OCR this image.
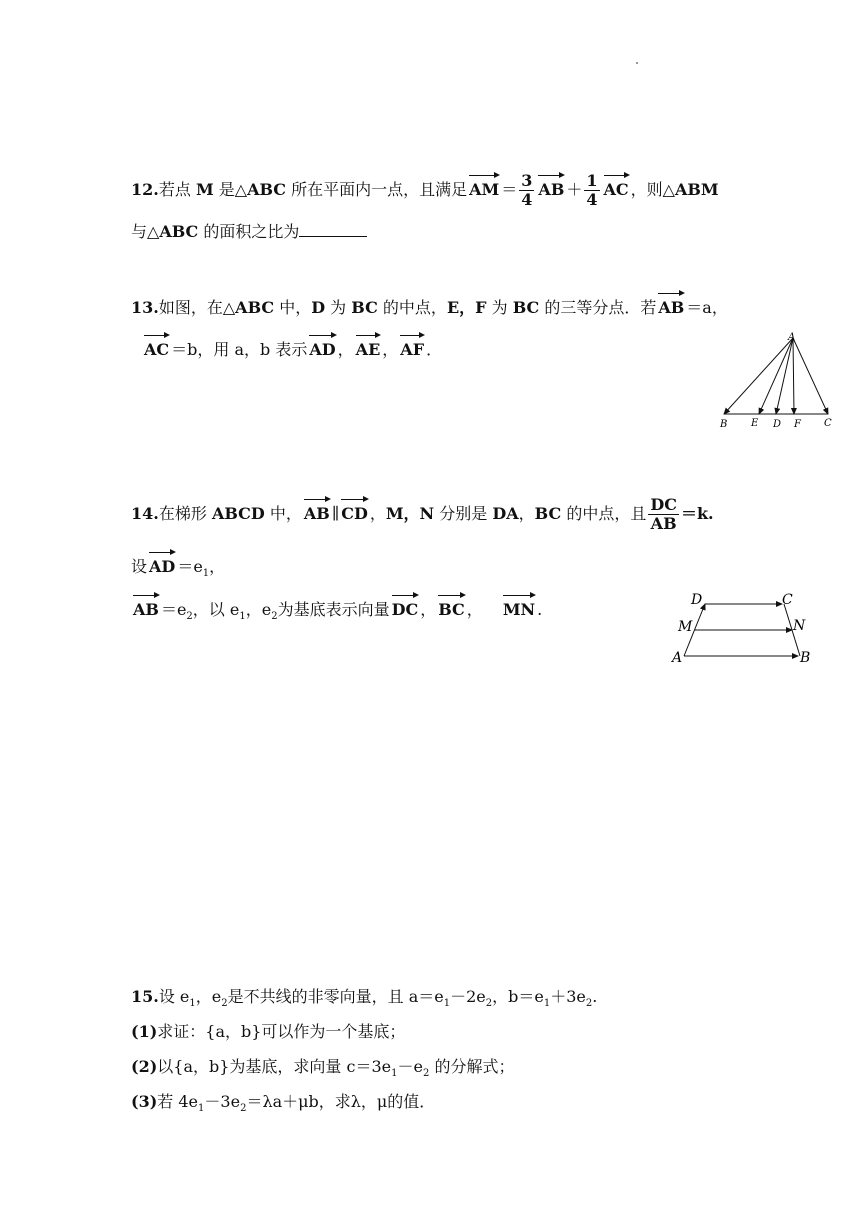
12.若点 M 是△ABC 所在平面内一点，且满足 AM ＝ $\frac{3}{4}$ AB ＋ $\frac{1}{4}$ AC ，则△ABM
与△ABC 的面积之比为
13.如图，在△ABC 中，D 为 BC 的中点，E，F 为 BC 的三等分点．若 AB ＝a，
AC ＝b，用 a，b 表示 AD ， AE ， AF ．
A
B E D F C
14.在梯形 ABCD 中， AB ∥ CD ，M，N 分别是 DA，BC 的中点，且 $\frac{DC}{AB} =k$.
设 AD $=e_1$，
AB $=e_2$，以 $e_1$，$e_2$为基底表示向量 DC ， BC ， MN .	D	C
M	N
A	B
15.设 $e_1$，$e_2$是不共线的非零向量，且 $a=e_1-2e_2$，$b=e_1+3e_2$.
(1)求证：{a，b}可以作为一个基底；
(2)以{a，b}为基底，求向量 $c=3e_1-e_2$ 的分解式；
(3)若 $4e_1-3e_2=\lambda a+\mu b$，求λ，μ的值．
